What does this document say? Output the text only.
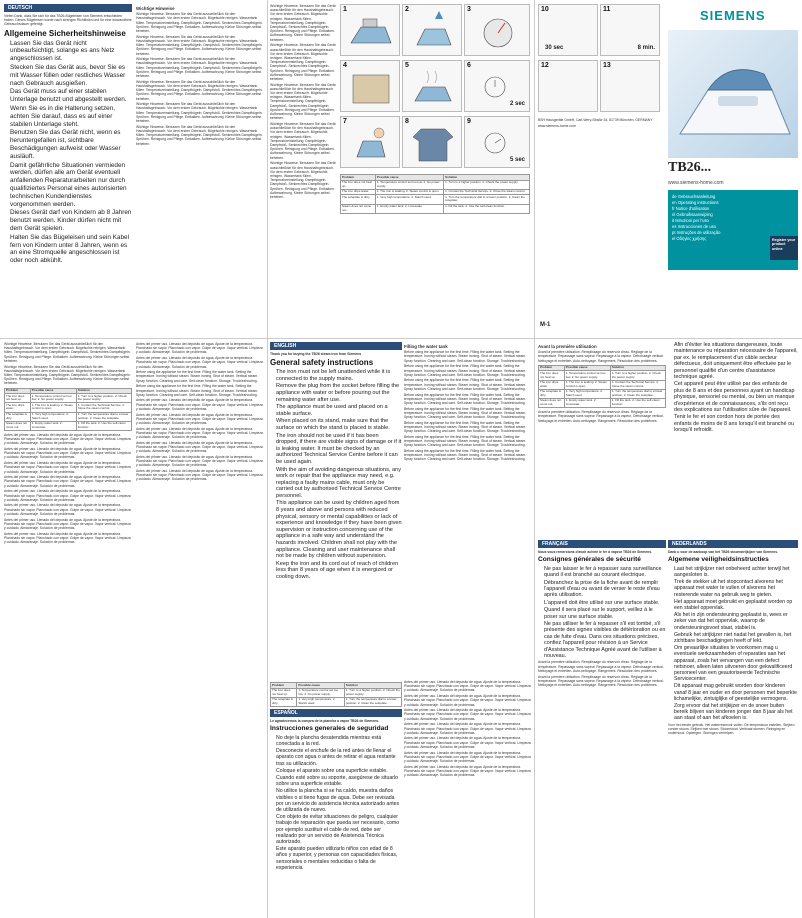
DEUTSCH

Vielen Dank, dass Sie sich für das TB26-Bügeleisen von Siemens entschieden haben. Dieses Bügeleisen wurde nach strengen Richtlinien und für eine einwandfreie Gebrauchsdauer gefertigt.

Allgemeine Sicherheitshinweise
• Lassen Sie das Gerät nicht unbeaufsichtigt, solange es ans Netz angeschlossen ist.
• Stecken Sie das Gerät aus, bevor Sie es mit Wasser füllen oder restliches Wasser nach Gebrauch ausgießen.
• Das Gerät muss auf einer stabilen Unterlage benutzt und abgestellt werden.
• Wenn Sie es in die Halterung setzen, achten Sie darauf, dass es auf einer stabilen Unterlage steht.
• Benutzen Sie das Gerät nicht, wenn es heruntergefallen ist, sichtbare Beschädigungen aufweist oder Wasser ausläuft.
• Damit gefährliche Situationen vermieden werden, dürfen alle am Gerät eventuell anfallenden Reparaturarbeiten nur durch qualifiziertes Personal eines autorisierten technischen Kundendienstes vorgenommen werden.
• Dieses Gerät darf von Kindern ab 8 Jahren benutzt werden. Kinder dürfen nicht mit dem Gerät spielen.
• Halten Sie das Bügeleisen und sein Kabel fern von Kindern unter 8 Jahren, wenn es an eine Stromquelle angeschlossen ist oder noch abkühlt.
Wichtige Hinweise

Wichtige Hinweise. Benutzen Sie das Gerät ausschließlich für den Haushaltsgebrauch. Vor dem ersten Gebrauch. Bügelsohle reinigen. Wassertank füllen. Temperatureinstellung. Dampfbügeln. Dampfstoß. Senkrechtes Dampfbügeln. Sprühen. Reinigung und Pflege. Entkalken. Aufbewahrung. Kleine Störungen selbst beheben.

Wichtige Hinweise. Benutzen Sie das Gerät ausschließlich für den Haushaltsgebrauch. Vor dem ersten Gebrauch. Bügelsohle reinigen. Wassertank füllen. Temperatureinstellung. Dampfbügeln. Dampfstoß. Senkrechtes Dampfbügeln. Sprühen. Reinigung und Pflege. Entkalken. Aufbewahrung. Kleine Störungen selbst beheben.

Wichtige Hinweise. Benutzen Sie das Gerät ausschließlich für den Haushaltsgebrauch. Vor dem ersten Gebrauch. Bügelsohle reinigen. Wassertank füllen. Temperatureinstellung. Dampfbügeln. Dampfstoß. Senkrechtes Dampfbügeln. Sprühen. Reinigung und Pflege. Entkalken. Aufbewahrung. Kleine Störungen selbst beheben.

Wichtige Hinweise. Benutzen Sie das Gerät ausschließlich für den Haushaltsgebrauch. Vor dem ersten Gebrauch. Bügelsohle reinigen. Wassertank füllen. Temperatureinstellung. Dampfbügeln. Dampfstoß. Senkrechtes Dampfbügeln. Sprühen. Reinigung und Pflege. Entkalken. Aufbewahrung. Kleine Störungen selbst beheben.

Wichtige Hinweise. Benutzen Sie das Gerät ausschließlich für den Haushaltsgebrauch. Vor dem ersten Gebrauch. Bügelsohle reinigen. Wassertank füllen. Temperatureinstellung. Dampfbügeln. Dampfstoß. Senkrechtes Dampfbügeln. Sprühen. Reinigung und Pflege. Entkalken. Aufbewahrung. Kleine Störungen selbst beheben.

Wichtige Hinweise. Benutzen Sie das Gerät ausschließlich für den Haushaltsgebrauch. Vor dem ersten Gebrauch. Bügelsohle reinigen. Wassertank füllen. Temperatureinstellung. Dampfbügeln. Dampfstoß. Senkrechtes Dampfbügeln. Sprühen. Reinigung und Pflege. Entkalken. Aufbewahrung. Kleine Störungen selbst beheben.

Wichtige Hinweise. Benutzen Sie das Gerät ausschließlich für den Haushaltsgebrauch. Vor dem ersten Gebrauch. Bügelsohle reinigen. Wassertank füllen. Temperatureinstellung. Dampfbügeln. Dampfstoß. Senkrechtes Dampfbügeln. Sprühen. Reinigung und Pflege. Entkalken. Aufbewahrung. Kleine Störungen selbst beheben.

Wichtige Hinweise. Benutzen Sie das Gerät ausschließlich für den Haushaltsgebrauch. Vor dem ersten Gebrauch. Bügelsohle reinigen. Wassertank füllen. Temperatureinstellung. Dampfbügeln. Dampfstoß. Senkrechtes Dampfbügeln. Sprühen. Reinigung und Pflege. Entkalken. Aufbewahrung. Kleine Störungen selbst beheben.

Wichtige Hinweise. Benutzen Sie das Gerät ausschließlich für den Haushaltsgebrauch. Vor dem ersten Gebrauch. Bügelsohle reinigen. Wassertank füllen. Temperatureinstellung. Dampfbügeln. Dampfstoß. Senkrechtes Dampfbügeln. Sprühen. Reinigung und Pflege. Entkalken. Aufbewahrung. Kleine Störungen selbst beheben.

Wichtige Hinweise. Benutzen Sie das Gerät ausschließlich für den Haushaltsgebrauch. Vor dem ersten Gebrauch. Bügelsohle reinigen. Wassertank füllen. Temperatureinstellung. Dampfbügeln. Dampfstoß. Senkrechtes Dampfbügeln. Sprühen. Reinigung und Pflege. Entkalken. Aufbewahrung. Kleine Störungen selbst beheben.

Wichtige Hinweise. Benutzen Sie das Gerät ausschließlich für den Haushaltsgebrauch. Vor dem ersten Gebrauch. Bügelsohle reinigen. Wassertank füllen. Temperatureinstellung. Dampfbügeln. Dampfstoß. Senkrechtes Dampfbügeln. Sprühen. Reinigung und Pflege. Entkalken. Aufbewahrung. Kleine Störungen selbst beheben.

1	2	3
4	5	6
2 sec
7	8	9
5 sec
Problem	Possible cause	Solution
The iron does not heat up.	1. Temperature control set too low. 2. No power supply.	1. Turn to a higher position. 2. Check the power supply.
The iron drips water.	1. The iron is leaking. 2. Steam control is open.	1. Contact the Technical Service. 2. Close the steam control.
The soleplate is dirty.	1. Very high temperature. 2. Starch used.	1. Turn the temperature dial to a lower position. 2. Clean the soleplate.
Steam does not come out.	1. Empty water tank. 2. Limescale.	1. Fill the tank. 2. Use the self-clean function.
10
30 sec
11
8 min.
12	13

BSH Hausgeräte GmbH, Carl-Wery-Straße 34, 81739 München, GERMANY

www.siemens-home.com

SIEMENS
TB26...
www.siemens-home.com
de Gebrauchsanleitung
en Operating instructions
fr Notice d'utilisation
nl Gebruiksaanwijzing
it Istruzioni per l'uso
es Instrucciones de uso
pt Instruções de utilização
el Οδηγίες χρήσης	Register your product online
M-1

Wichtige Hinweise. Benutzen Sie das Gerät ausschließlich für den Haushaltsgebrauch. Vor dem ersten Gebrauch. Bügelsohle reinigen. Wassertank füllen. Temperatureinstellung. Dampfbügeln. Dampfstoß. Senkrechtes Dampfbügeln. Sprühen. Reinigung und Pflege. Entkalken. Aufbewahrung. Kleine Störungen selbst beheben.

Wichtige Hinweise. Benutzen Sie das Gerät ausschließlich für den Haushaltsgebrauch. Vor dem ersten Gebrauch. Bügelsohle reinigen. Wassertank füllen. Temperatureinstellung. Dampfbügeln. Dampfstoß. Senkrechtes Dampfbügeln. Sprühen. Reinigung und Pflege. Entkalken. Aufbewahrung. Kleine Störungen selbst beheben.

Problem	Possible cause	Solution
The iron does not heat up.	1. Temperature control set too low. 2. No power supply.	1. Turn to a higher position. 2. Check the power supply.
The iron drips water.	1. The iron is leaking. 2. Steam control is open.	1. Contact the Technical Service. 2. Close the steam control.
The soleplate is dirty.	1. Very high temperature. 2. Starch used.	1. Turn the temperature dial to a lower position. 2. Clean the soleplate.
Steam does not come out.	1. Empty water tank. 2. Limescale.	1. Fill the tank. 2. Use the self-clean function.

Antes del primer uso. Llenado del depósito de agua. Ajuste de la temperatura. Planchado sin vapor. Planchado con vapor. Golpe de vapor. Vapor vertical. Limpieza y cuidado. Almacenaje. Solución de problemas.

Antes del primer uso. Llenado del depósito de agua. Ajuste de la temperatura. Planchado sin vapor. Planchado con vapor. Golpe de vapor. Vapor vertical. Limpieza y cuidado. Almacenaje. Solución de problemas.

Antes del primer uso. Llenado del depósito de agua. Ajuste de la temperatura. Planchado sin vapor. Planchado con vapor. Golpe de vapor. Vapor vertical. Limpieza y cuidado. Almacenaje. Solución de problemas.

Antes del primer uso. Llenado del depósito de agua. Ajuste de la temperatura. Planchado sin vapor. Planchado con vapor. Golpe de vapor. Vapor vertical. Limpieza y cuidado. Almacenaje. Solución de problemas.

Antes del primer uso. Llenado del depósito de agua. Ajuste de la temperatura. Planchado sin vapor. Planchado con vapor. Golpe de vapor. Vapor vertical. Limpieza y cuidado. Almacenaje. Solución de problemas.

Antes del primer uso. Llenado del depósito de agua. Ajuste de la temperatura. Planchado sin vapor. Planchado con vapor. Golpe de vapor. Vapor vertical. Limpieza y cuidado. Almacenaje. Solución de problemas.

Antes del primer uso. Llenado del depósito de agua. Ajuste de la temperatura. Planchado sin vapor. Planchado con vapor. Golpe de vapor. Vapor vertical. Limpieza y cuidado. Almacenaje. Solución de problemas.

Antes del primer uso. Llenado del depósito de agua. Ajuste de la temperatura. Planchado sin vapor. Planchado con vapor. Golpe de vapor. Vapor vertical. Limpieza y cuidado. Almacenaje. Solución de problemas.

Antes del primer uso. Llenado del depósito de agua. Ajuste de la temperatura. Planchado sin vapor. Planchado con vapor. Golpe de vapor. Vapor vertical. Limpieza y cuidado. Almacenaje. Solución de problemas.

Antes del primer uso. Llenado del depósito de agua. Ajuste de la temperatura. Planchado sin vapor. Planchado con vapor. Golpe de vapor. Vapor vertical. Limpieza y cuidado. Almacenaje. Solución de problemas.

Before using the appliance for the first time. Filling the water tank. Setting the temperature. Ironing without steam. Steam ironing. Shot of steam. Vertical steam. Spray function. Cleaning and care. Self-clean function. Storage. Troubleshooting.

Before using the appliance for the first time. Filling the water tank. Setting the temperature. Ironing without steam. Steam ironing. Shot of steam. Vertical steam. Spray function. Cleaning and care. Self-clean function. Storage. Troubleshooting.

Antes del primer uso. Llenado del depósito de agua. Ajuste de la temperatura. Planchado sin vapor. Planchado con vapor. Golpe de vapor. Vapor vertical. Limpieza y cuidado. Almacenaje. Solución de problemas.

Antes del primer uso. Llenado del depósito de agua. Ajuste de la temperatura. Planchado sin vapor. Planchado con vapor. Golpe de vapor. Vapor vertical. Limpieza y cuidado. Almacenaje. Solución de problemas.

Antes del primer uso. Llenado del depósito de agua. Ajuste de la temperatura. Planchado sin vapor. Planchado con vapor. Golpe de vapor. Vapor vertical. Limpieza y cuidado. Almacenaje. Solución de problemas.

Antes del primer uso. Llenado del depósito de agua. Ajuste de la temperatura. Planchado sin vapor. Planchado con vapor. Golpe de vapor. Vapor vertical. Limpieza y cuidado. Almacenaje. Solución de problemas.

Antes del primer uso. Llenado del depósito de agua. Ajuste de la temperatura. Planchado sin vapor. Planchado con vapor. Golpe de vapor. Vapor vertical. Limpieza y cuidado. Almacenaje. Solución de problemas.

Antes del primer uso. Llenado del depósito de agua. Ajuste de la temperatura. Planchado sin vapor. Planchado con vapor. Golpe de vapor. Vapor vertical. Limpieza y cuidado. Almacenaje. Solución de problemas.

ENGLISH

Thank you for buying the TB26 steam iron from Siemens

General safety instructions
• The iron must not be left unattended while it is connected to the supply mains.
• Remove the plug from the socket before filling the appliance with water or before pouring out the remaining water after use.
• The appliance must be used and placed on a stable surface.
• When placed on its stand, make sure that the surface on which the stand is placed is stable.
• The iron should not be used if it has been dropped, if there are visible signs of damage or if it is leaking water. It must be checked by an authorized Technical Service Centre before it can be used again.
• With the aim of avoiding dangerous situations, any work or repair that the appliance may need, e.g. replacing a faulty mains cable, must only be carried out by authorised Technical Service Centre personnel.
• This appliance can be used by children aged from 8 years and above and persons with reduced physical, sensory or mental capabilities or lack of experience and knowledge if they have been given supervision or instruction concerning use of the appliance in a safe way and understand the hazards involved. Children shall not play with the appliance. Cleaning and user maintenance shall not be made by children without supervision.
• Keep the iron and its cord out of reach of children less than 8 years of age when it is energized or cooling down.
Filling the water tank

Before using the appliance for the first time. Filling the water tank. Setting the temperature. Ironing without steam. Steam ironing. Shot of steam. Vertical steam. Spray function. Cleaning and care. Self-clean function. Storage. Troubleshooting.

Before using the appliance for the first time. Filling the water tank. Setting the temperature. Ironing without steam. Steam ironing. Shot of steam. Vertical steam. Spray function. Cleaning and care. Self-clean function. Storage. Troubleshooting.

Before using the appliance for the first time. Filling the water tank. Setting the temperature. Ironing without steam. Steam ironing. Shot of steam. Vertical steam. Spray function. Cleaning and care. Self-clean function. Storage. Troubleshooting.

Before using the appliance for the first time. Filling the water tank. Setting the temperature. Ironing without steam. Steam ironing. Shot of steam. Vertical steam. Spray function. Cleaning and care. Self-clean function. Storage. Troubleshooting.

Before using the appliance for the first time. Filling the water tank. Setting the temperature. Ironing without steam. Steam ironing. Shot of steam. Vertical steam. Spray function. Cleaning and care. Self-clean function. Storage. Troubleshooting.

Before using the appliance for the first time. Filling the water tank. Setting the temperature. Ironing without steam. Steam ironing. Shot of steam. Vertical steam. Spray function. Cleaning and care. Self-clean function. Storage. Troubleshooting.

Before using the appliance for the first time. Filling the water tank. Setting the temperature. Ironing without steam. Steam ironing. Shot of steam. Vertical steam. Spray function. Cleaning and care. Self-clean function. Storage. Troubleshooting.

Before using the appliance for the first time. Filling the water tank. Setting the temperature. Ironing without steam. Steam ironing. Shot of steam. Vertical steam. Spray function. Cleaning and care. Self-clean function. Storage. Troubleshooting.

Problem	Possible cause	Solution
The iron does not heat up.	1. Temperature control set too low. 2. No power supply.	1. Turn to a higher position. 2. Check the power supply.
The soleplate is dirty.	1. Very high temperature. 2. Starch used.	1. Turn the temperature dial to a lower position. 2. Clean the soleplate.
ESPAÑOL

Le agradecemos la compra de la plancha a vapor TB26 de Siemens.

Instrucciones generales de seguridad
• No deje la plancha desatendida mientras está conectada a la red.
• Desconecte el enchufe de la red antes de llenar el aparato con agua o antes de retirar el agua restante tras su utilización.
• Coloque el aparato sobre una superficie estable.
• Cuando esté sobre su soporte, asegúrese de situarlo sobre una superficie estable.
• No utilice la plancha si se ha caído, muestra daños visibles o si tiene fugas de agua. Debe ser revisada por un servicio de asistencia técnica autorizado antes de utilizarla de nuevo.
• Con objeto de evitar situaciones de peligro, cualquier trabajo de reparación que pueda ser necesario, como por ejemplo sustituir el cable de red, debe ser realizado por un servicio de Asistencia Técnica autorizado.
• Este aparato pueden utilizarlo niños con edad de 8 años y superior, y personas con capacidades físicas, sensoriales o mentales reducidas o falta de experiencia

Antes del primer uso. Llenado del depósito de agua. Ajuste de la temperatura. Planchado sin vapor. Planchado con vapor. Golpe de vapor. Vapor vertical. Limpieza y cuidado. Almacenaje. Solución de problemas.

Antes del primer uso. Llenado del depósito de agua. Ajuste de la temperatura. Planchado sin vapor. Planchado con vapor. Golpe de vapor. Vapor vertical. Limpieza y cuidado. Almacenaje. Solución de problemas.

Antes del primer uso. Llenado del depósito de agua. Ajuste de la temperatura. Planchado sin vapor. Planchado con vapor. Golpe de vapor. Vapor vertical. Limpieza y cuidado. Almacenaje. Solución de problemas.

Antes del primer uso. Llenado del depósito de agua. Ajuste de la temperatura. Planchado sin vapor. Planchado con vapor. Golpe de vapor. Vapor vertical. Limpieza y cuidado. Almacenaje. Solución de problemas.

Antes del primer uso. Llenado del depósito de agua. Ajuste de la temperatura. Planchado sin vapor. Planchado con vapor. Golpe de vapor. Vapor vertical. Limpieza y cuidado. Almacenaje. Solución de problemas.

Antes del primer uso. Llenado del depósito de agua. Ajuste de la temperatura. Planchado sin vapor. Planchado con vapor. Golpe de vapor. Vapor vertical. Limpieza y cuidado. Almacenaje. Solución de problemas.

Antes del primer uso. Llenado del depósito de agua. Ajuste de la temperatura. Planchado sin vapor. Planchado con vapor. Golpe de vapor. Vapor vertical. Limpieza y cuidado. Almacenaje. Solución de problemas.

Avant la première utilisation

Avant la première utilisation. Remplissage du réservoir d'eau. Réglage de la température. Repassage sans vapeur. Repassage à la vapeur. Défroissage vertical. Nettoyage et entretien. Auto-nettoyage. Rangement. Résolution des problèmes.

Problem	Possible cause	Solution
The iron does not heat up.	1. Temperature control set too low. 2. No power supply.	1. Turn to a higher position. 2. Check the power supply.
The iron drips water.	1. The iron is leaking. 2. Steam control is open.	1. Contact the Technical Service. 2. Close the steam control.
The soleplate is dirty.	1. Very high temperature. 2. Starch used.	1. Turn the temperature dial to a lower position. 2. Clean the soleplate.
Steam does not come out.	1. Empty water tank. 2. Limescale.	1. Fill the tank. 2. Use the self-clean function.

Avant la première utilisation. Remplissage du réservoir d'eau. Réglage de la température. Repassage sans vapeur. Repassage à la vapeur. Défroissage vertical. Nettoyage et entretien. Auto-nettoyage. Rangement. Résolution des problèmes.

• Afin d'éviter les situations dangereuses, toute maintenance ou réparation nécessaire de l'appareil, par ex. le remplacement d'un câble secteur défectueux, doit uniquement être effectuée par le personnel qualifié d'un centre d'assistance technique agréé.
• Cet appareil peut être utilisé par des enfants de plus de 8 ans et des personnes ayant un handicap physique, sensoriel ou mental, ou bien un manque d'expérience et de connaissances, s'ils ont reçu des explications sur l'utilisation sûre de l'appareil.
• Tenir le fer et son cordon hors de portée des enfants de moins de 8 ans lorsqu'il est branché ou lorsqu'il refroidit.
FRANÇAIS

Nous vous remercions d'avoir acheté le fer à vapeur TB26 de Siemens.

Consignes générales de sécurité
• Ne pas laisser le fer à repasser sans surveillance quand il est branché au courant électrique.
• Débranchez la prise de la fiche avant de remplir l'appareil d'eau ou avant de verser le reste d'eau après utilisation.
• L'appareil doit être utilisé sur une surface stable.
• Quand il sera placé sur le support, veillez à le poser sur une surface stable.
• Ne pas utiliser le fer à repasser s'il est tombé, s'il présente des signes visibles de détérioration ou en cas de fuite d'eau. Dans ces situations précises, confiez l'appareil pour révision à un Service d'Assistance Technique Agréé avant de l'utiliser à nouveau.

Avant la première utilisation. Remplissage du réservoir d'eau. Réglage de la température. Repassage sans vapeur. Repassage à la vapeur. Défroissage vertical. Nettoyage et entretien. Auto-nettoyage. Rangement. Résolution des problèmes.

Avant la première utilisation. Remplissage du réservoir d'eau. Réglage de la température. Repassage sans vapeur. Repassage à la vapeur. Défroissage vertical. Nettoyage et entretien. Auto-nettoyage. Rangement. Résolution des problèmes.

NEDERLANDS

Dank u voor de aankoop van het TB26 stoomstrijkijzer van Siemens.

Algemene veiligheidsinstructies
• Laat het strijkijzer niet onbeheerd achter terwijl het aangesloten is.
• Trek de stekker uit het stopcontact alvorens het apparaat met water te vullen of alvorens het resterende water na gebruik weg te gieten.
• Het apparaat moet gebruikt en geplaatst worden op een stabiel oppervlak.
• Als het in zijn ondersteuning geplaatst is, wees er zeker van dat het oppervlak, waarop de ondersteuningsvoet staat, stabiel is.
• Gebruik het strijkijzer niet nadat het gevallen is, het zichtbare beschadigingen heeft of lekt.
• Om gevaarlijke situaties te voorkomen mag u eventuele werkzaamheden of reparaties aan het apparaat, zoals het vervangen van een defect netsnoer, alleen laten uitvoeren door gekwalificeerd personeel van een geautoriseerde Technische Servicecenter.
• Dit apparaat mag gebruikt worden door kinderen vanaf 8 jaar en ouder en door personen met beperkte lichamelijke, zintuiglijke of geestelijke vermogens.
• Zorg ervoor dat het strijkijzer en de snoer buiten bereik blijven van kinderen jonger dan 8 jaar als het aan staat of aan het afkoelen is.

Voor het eerste gebruik. Het waterreservoir vullen. De temperatuur instellen. Strijken zonder stoom. Strijken met stoom. Stoomstoot. Verticaal stomen. Reiniging en onderhoud. Opbergen. Storingen verhelpen.
